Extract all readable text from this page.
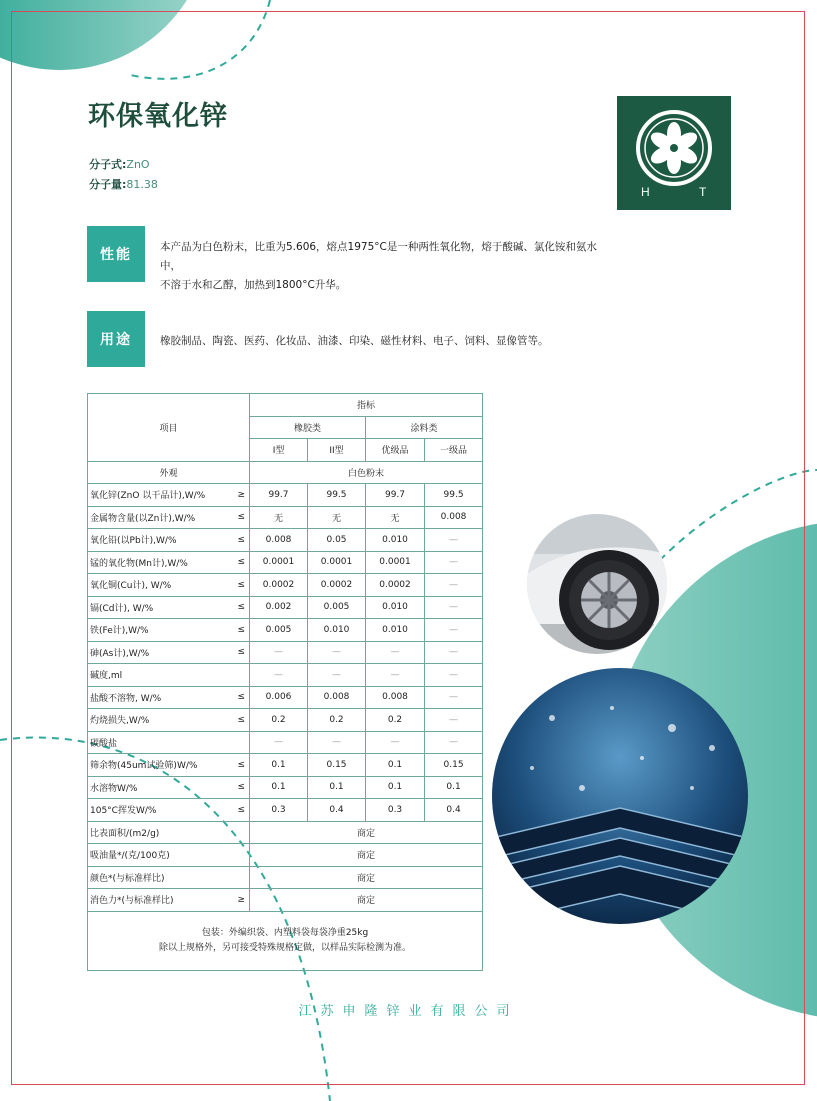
环保氧化锌
分子式:ZnO
分子量:81.38
H	T
性能	本产品为白色粉末，比重为5.606，熔点1975°C是一种两性氧化物，熔于酸碱、氯化铵和氨水中，
不溶于水和乙醇，加热到1800°C升华。
用途	橡胶制品、陶瓷、医药、化妆品、油漆、印染、磁性材料、电子、饲料、显像管等。
项目		指标			
		橡胶类		涂料类	
		I型	II型	优级品	一级品
外观		白色粉末			
氧化锌(ZnO 以干品计),W/%	≥	99.7	99.5	99.7	99.5
金属物含量(以Zn计),W/%	≤	无	无	无	0.008
氧化铅(以Pb计),W/%	≤	0.008	0.05	0.010	—
锰的氧化物(Mn计),W/%	≤	0.0001	0.0001	0.0001	—
氧化铜(Cu计), W/%	≤	0.0002	0.0002	0.0002	—
镉(Cd计), W/%	≤	0.002	0.005	0.010	—
铁(Fe计),W/%	≤	0.005	0.010	0.010	—
砷(As计),W/%	≤	—	—	—	—
碱度,ml		—	—	—	—
盐酸不溶物, W/%	≤	0.006	0.008	0.008	—
灼烧损失,W/%	≤	0.2	0.2	0.2	—
碳酸盐		—	—	—	—
筛余物(45um试验筛)W/%	≤	0.1	0.15	0.1	0.15
水溶物W/%	≤	0.1	0.1	0.1	0.1
105°C挥发W/%	≤	0.3	0.4	0.3	0.4
比表面积/(m2/g)		商定			
吸油量*/(克/100克)		商定			
颜色*(与标准样比)		商定			
消色力*(与标准样比)	≥	商定			

包装：外编织袋、内塑料袋每袋净重25kg
除以上规格外，另可接受特殊规格定做，以样品实际检测为准。					
江苏申隆锌业有限公司
